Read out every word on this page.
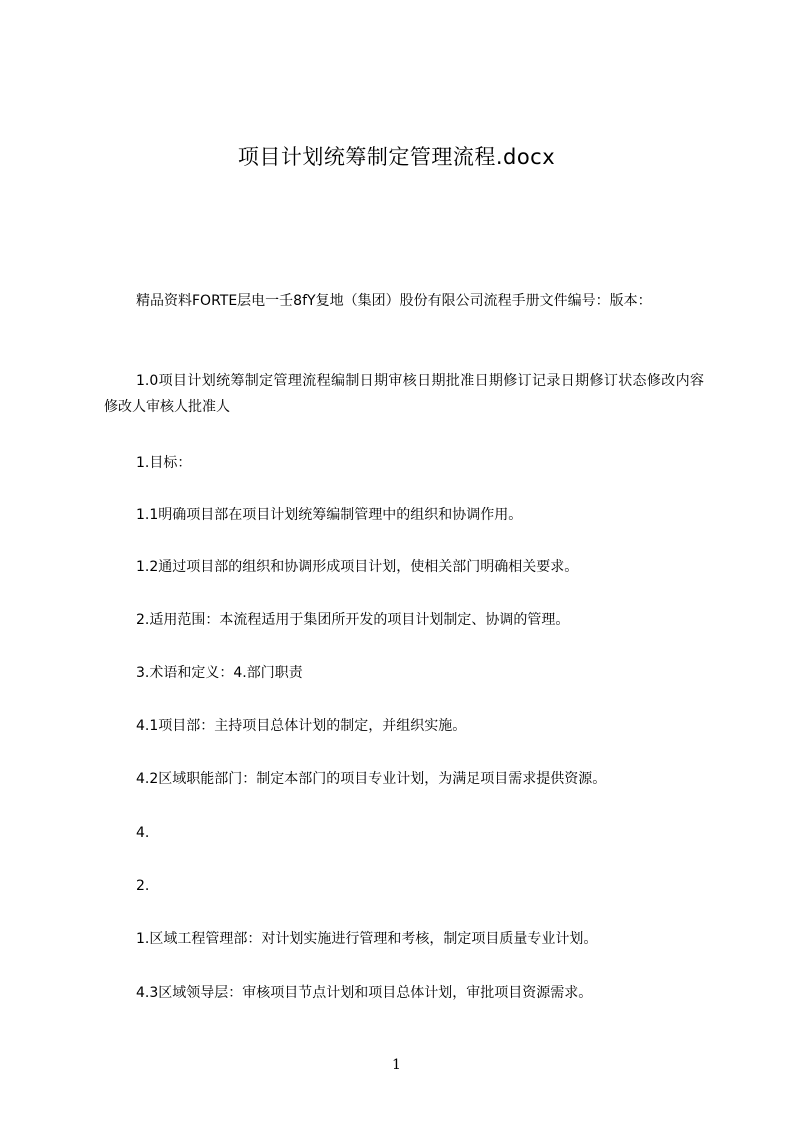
项目计划统筹制定管理流程.docx

精品资料FORTE层电一壬8fY复地（集团）股份有限公司流程手册文件编号：版本：

1.0项目计划统筹制定管理流程编制日期审核日期批准日期修订记录日期修订状态修改内容修改人审核人批准人

1.目标：

1.1明确项目部在项目计划统筹编制管理中的组织和协调作用。

1.2通过项目部的组织和协调形成项目计划，使相关部门明确相关要求。

2.适用范围：本流程适用于集团所开发的项目计划制定、协调的管理。

3.术语和定义：4.部门职责

4.1项目部：主持项目总体计划的制定，并组织实施。

4.2区域职能部门：制定本部门的项目专业计划，为满足项目需求提供资源。

4.

2.

1.区域工程管理部：对计划实施进行管理和考核，制定项目质量专业计划。

4.3区域领导层：审核项目节点计划和项目总体计划，审批项目资源需求。

1
